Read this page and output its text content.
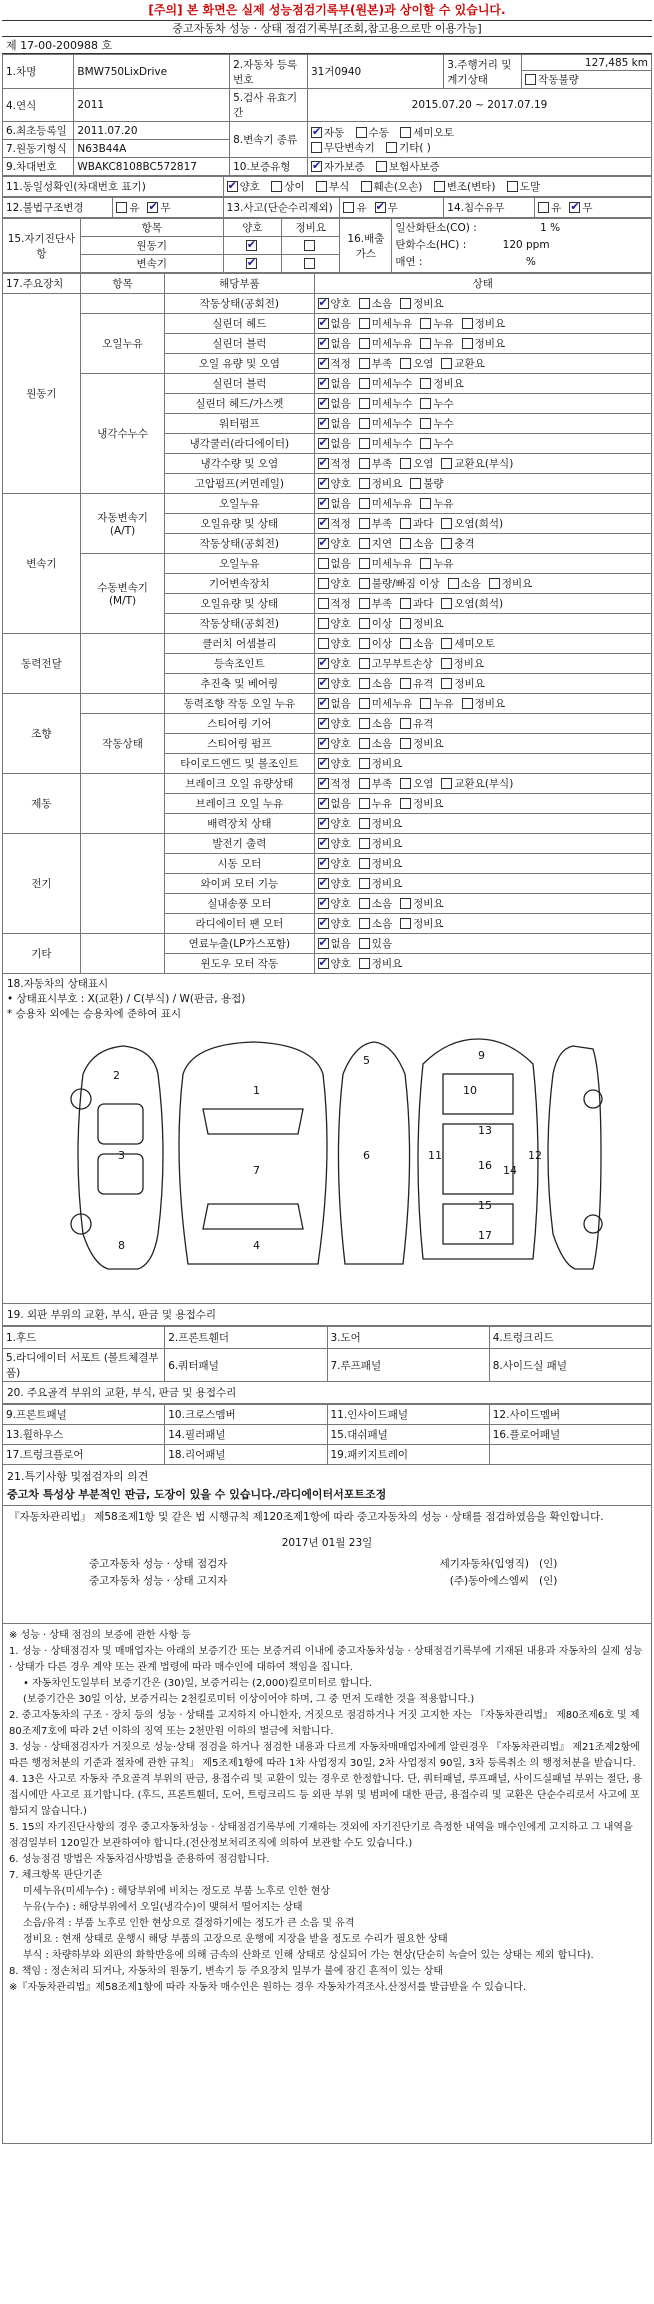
[주의] 본 화면은 실제 성능점검기록부(원본)과 상이할 수 있습니다.
중고자동차 성능 · 상태 점검기록부[조회,참고용으로만 이용가능]
제 17-00-200988 호
1.차명	BMW750LixDrive	2.자동차 등록번호	31거0940	3.주행거리 및 계기상태	127,485 km
작동불량

4.연식	2011	5.검사 유효기간	2015.07.20 ~ 2017.07.19		
6.최초등록일	2011.07.20	8.변속기 종류	✔자동 수동 세미오토
무단변속기 기타( )
7.원동기형식	N63B44A				
9.차대번호	WBAKC8108BC572817	10.보증유형	✔자가보증 보험사보증
11.동일성확인(차대번호 표기)	✔양호 상이 부식 훼손(오손) 변조(변타) 도말
12.불법구조변경	유 ✔ 무	13.사고(단순수리제외)	유 ✔ 무	14.침수유무	유 ✔ 무
15.자기진단사항	항목	양호	정비요	16.배출가스	일산화탄소(CO) : 1 %
탄화수소(HC) : 120 ppm
매연 : %

	원동기	✔	
	변속기	✔	
17.주요장치	항목	해당부품	상태
원동기		작동상태(공회전)	✔양호 소음 정비요
	오일누유	실린더 헤드	✔없음 미세누유 누유 정비요
		실린더 블럭	✔없음 미세누유 누유 정비요
		오일 유량 및 오염	✔적정 부족 오염 교환요
	냉각수누수	실린더 블럭	✔없음 미세누수 정비요
		실린더 헤드/가스켓	✔없음 미세누수 누수
		워터펌프	✔없음 미세누수 누수
		냉각쿨러(라디에이터)	✔없음 미세누수 누수
		냉각수량 및 오염	✔적정 부족 오염 교환요(부식)
		고압펌프(커먼레일)	✔양호 정비요 불량
변속기	자동변속기 (A/T)	오일누유	✔없음 미세누유 누유
		오일유량 및 상태	✔적정 부족 과다 오염(희석)
		작동상태(공회전)	✔양호 지연 소음 충격
	수동변속기(M/T)	오일누유	없음 미세누유 누유
		기어변속장치	양호 불량/빠짐 이상 소음 정비요
		오일유량 및 상태	적정 부족 과다 오염(희석)
		작동상태(공회전)	양호 이상 정비요
동력전달		클러치 어셈블리	양호 이상 소음 세미오토
		등속조인트	✔양호 고무부트손상 정비요
		추진축 및 베어링	✔양호 소음 유격 정비요
조향		동력조향 작동 오일 누유	✔없음 미세누유 누유 정비요
	작동상태	스티어링 기어	✔양호 소음 유격
		스티어링 펌프	✔양호 소음 정비요
		타이로드엔드 및 볼조인트	✔양호 정비요
제동		브레이크 오일 유량상태	✔적정 부족 오염 교환요(부식)
		브레이크 오일 누유	✔없음 누유 정비요
		배력장치 상태	✔양호 정비요
전기		발전기 출력	✔양호 정비요
		시동 모터	✔양호 정비요
		와이퍼 모터 기능	✔양호 정비요
		실내송풍 모터	✔양호 소음 정비요
		라디에이터 팬 모터	✔양호 소음 정비요
기타		연료누출(LP가스포함)	✔없음 있음
		윈도우 모터 작동	✔양호 정비요
18.자동차의 상태표시
• 상태표시부호 : X(교환) / C(부식) / W(판금, 용접)
* 승용차 외에는 승용차에 준하여 표시
1
2
3
4
5
6
7
8
9
10
11	12
13
14
15
16
17
19. 외판 부위의 교환, 부식, 판금 및 용접수리
1.후드	2.프론트휀더	3.도어	4.트렁크리드
5.라디에이터 서포트 (볼트체결부품)	6.쿼터패널	7.루프패널	8.사이드실 패널
20. 주요골격 부위의 교환, 부식, 판금 및 용접수리
9.프론트패널	10.크로스멤버	11.인사이드패널	12.사이드멤버
13.휠하우스	14.필러패널	15.대쉬패널	16.플로어패널
17.트렁크플로어	18.리어패널	19.패키지트레이	
21.특기사항 및점검자의 의견
중고차 특성상 부분적인 판금, 도장이 있을 수 있습니다./라디에이터서포트조정
『자동차관리법』 제58조제1항 및 같은 법 시행규칙 제120조제1항에 따라 중고자동차의 성능 · 상태를 점검하였음을 확인합니다.
2017년 01월 23일
중고자동차 성능 · 상태 점검자	세기자동차(입영직) (인)
중고자동차 성능 · 상태 고지자	(주)동아에스엠씨 (인)

※ 성능 · 상태 점검의 보증에 관한 사항 등

1. 성능 · 상태점검자 및 매매업자는 아래의 보증기간 또는 보증거리 이내에 중고자동차성능 · 상태점검기록부에 기재된 내용과 자동차의 실제 성능 · 상태가 다른 경우 계약 또는 관계 법령에 따라 매수인에 대하여 책임을 집니다.

• 자동차인도일부터 보증기간은 (30)일, 보증거리는 (2,000)킬로미터로 합니다.

(보증기간은 30일 이상, 보증거리는 2천킬로미터 이상이어야 하며, 그 중 먼저 도래한 것을 적용합니다.)

2. 중고자동차의 구조 · 장치 등의 성능 · 상태를 고지하지 아니한자, 거짓으로 점검하거나 거짓 고지한 자는 『자동차관리법』 제80조제6호 및 제80조제7호에 따라 2년 이하의 징역 또는 2천만원 이하의 벌금에 처합니다.

3. 성능 · 상태점검자가 거짓으로 성능·상태 점검을 하거나 점검한 내용과 다르게 자동차매매업자에게 알린경우 『자동차관리법』 제21조제2항에 따른 행정처분의 기준과 절차에 관한 규칙」 제5조제1항에 따라 1차 사업정지 30일, 2차 사업정지 90일, 3차 등록취소 의 행정처분을 받습니다.

4. 13은 사고로 자동차 주요골격 부위의 판금, 용접수리 및 교환이 있는 경우로 한정합니다. 단, 쿼터패널, 루프패널, 사이드실패널 부위는 절단, 용접시에만 사고로 표기합니다. (후드, 프론트휀더, 도어, 트렁크리드 등 외판 부위 및 범퍼에 대한 판금, 용접수리 및 교환은 단순수리로서 사고에 포함되지 않습니다.)

5. 15의 자기진단사항의 경우 중고자동차성능 · 상태점검기록부에 기재하는 것외에 자기진단기로 측정한 내역을 매수인에게 고지하고 그 내역을 점검일부터 120일간 보관하여야 합니다.(전산정보처리조직에 의하여 보관할 수도 있습니다.)

6. 성능점검 방법은 자동차검사방법을 준용하여 점검합니다.

7. 체크항목 판단기준

미세누유(미세누수) : 해당부위에 비치는 정도로 부품 노후로 인한 현상

누유(누수) : 해당부위에서 오일(냉각수)이 맺혀서 떨어지는 상태

소음/유격 : 부품 노후로 인한 현상으로 결정하기에는 정도가 큰 소음 및 유격

정비요 : 현재 상태로 운행시 해당 부품의 고장으로 운행에 지장을 받을 정도로 수리가 필요한 상태

부식 : 차량하부와 외판의 화학반응에 의해 금속의 산화로 인해 상태로 상실되어 가는 현상(단순히 녹슬어 있는 상태는 제외 합니다).

8. 책임 : 정손처리 되거나, 자동차의 원동기, 변속기 등 주요장치 일부가 불에 잠긴 흔적이 있는 상태

※『자동차관리법』제58조제1항에 따라 자동차 매수인은 원하는 경우 자동차가격조사.산정서를 발급받을 수 있습니다.
